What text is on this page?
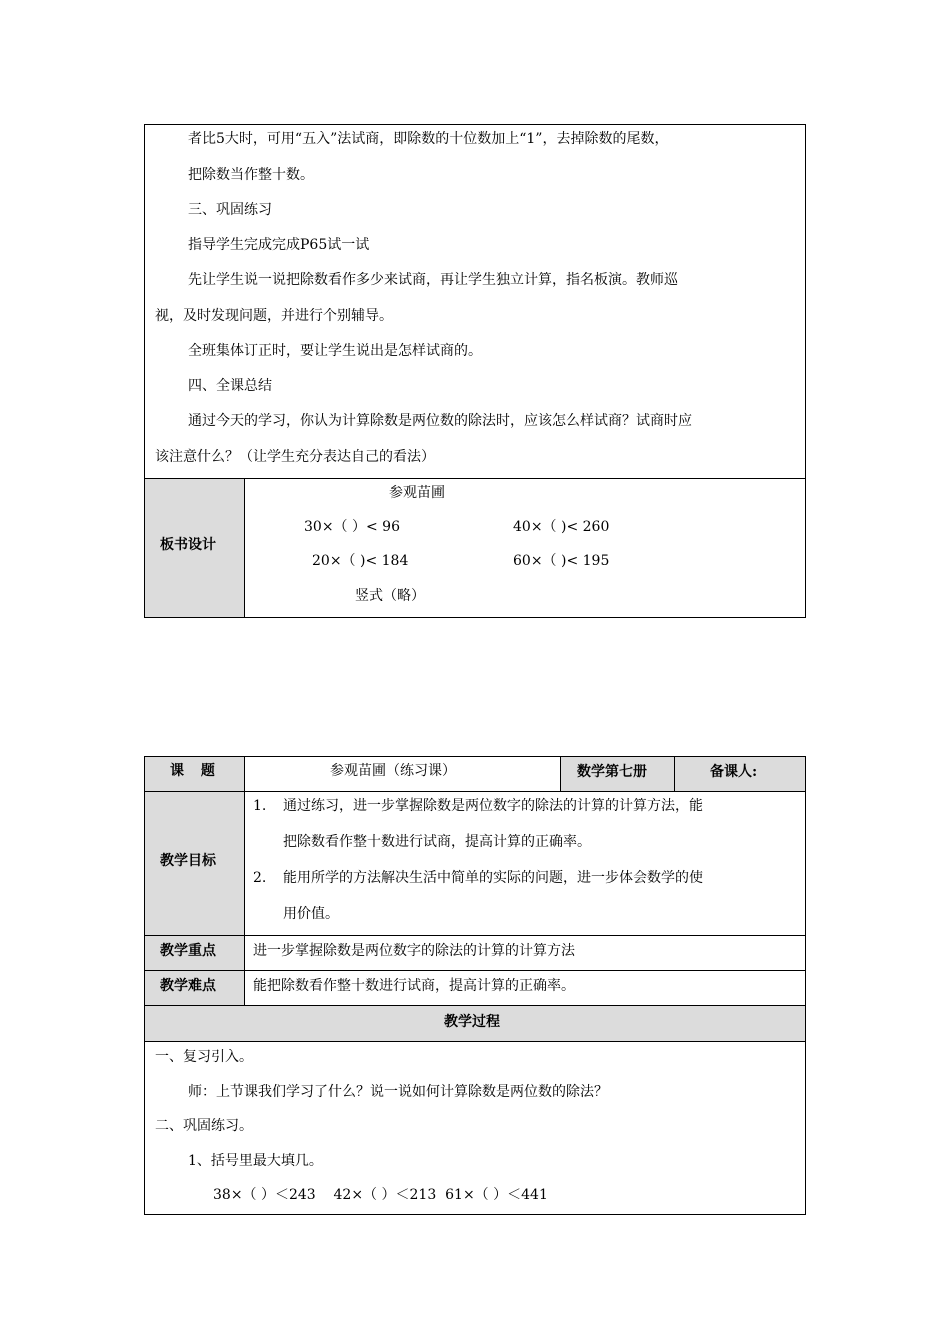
者比5大时，可用“五入”法试商，即除数的十位数加上“1”，去掉除数的尾数，
把除数当作整十数。
三、巩固练习
指导学生完成完成P65试一试
先让学生说一说把除数看作多少来试商，再让学生独立计算，指名板演。教师巡
视，及时发现问题，并进行个别辅导。
全班集体订正时，要让学生说出是怎样试商的。
四、全课总结
通过今天的学习，你认为计算除数是两位数的除法时，应该怎么样试商？试商时应
该注意什么？（让学生充分表达自己的看法）
板书设计
参观苗圃
30×（ ）< 96	40×（ )< 260
20×（ )< 184	60×（ )< 195
竖式（略）
课 题	参观苗圃（练习课）	数学第七册	备课人:
教学目标
1. 通过练习，进一步掌握除数是两位数字的除法的计算的计算方法，能
把除数看作整十数进行试商，提高计算的正确率。
2. 能用所学的方法解决生活中简单的实际的问题，进一步体会数学的使
用价值。
教学重点	进一步掌握除数是两位数字的除法的计算的计算方法
教学难点	能把除数看作整十数进行试商，提高计算的正确率。
教学过程
一、复习引入。
师：上节课我们学习了什么？说一说如何计算除数是两位数的除法？
二、巩固练习。
1、括号里最大填几。
38×（ ）＜243    42×（ ）＜213  61×（ ）＜441
